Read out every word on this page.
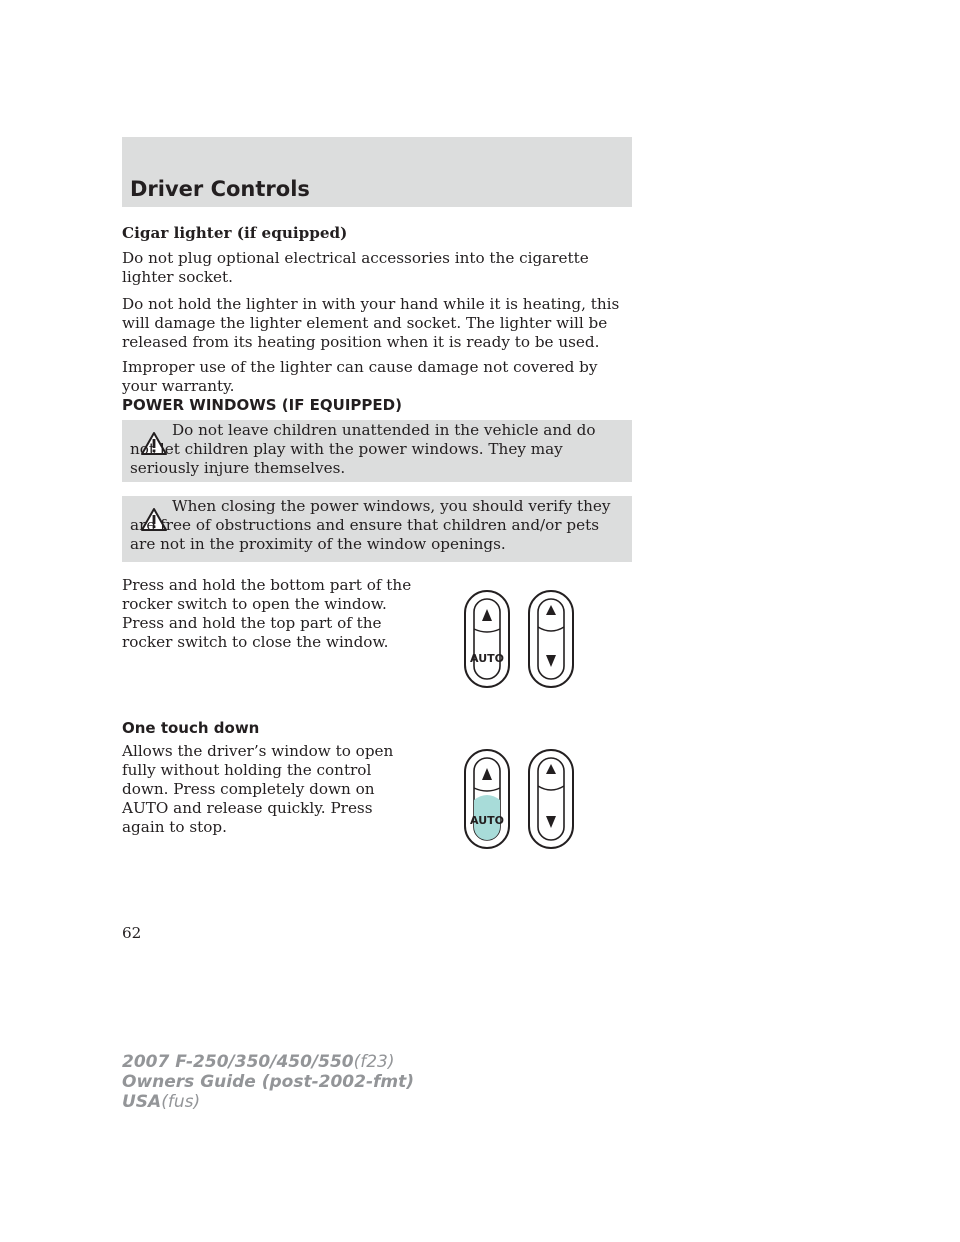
Driver Controls

Cigar lighter (if equipped)

Do not plug optional electrical accessories into the cigarette lighter socket.

Do not hold the lighter in with your hand while it is heating, this will damage the lighter element and socket. The lighter will be released from its heating position when it is ready to be used.

Improper use of the lighter can cause damage not covered by your warranty.

POWER WINDOWS (IF EQUIPPED)

Do not leave children unattended in the vehicle and do not let children play with the power windows. They may seriously injure themselves.

When closing the power windows, you should verify they are free of obstructions and ensure that children and/or pets are not in the proximity of the window openings.

Press and hold the bottom part of the rocker switch to open the window. Press and hold the top part of the rocker switch to close the window.

AUTO

One touch down

Allows the driver’s window to open fully without holding the control down. Press completely down on AUTO and release quickly. Press again to stop.	AUTO
62
2007 F-250/350/450/550(f23)
Owners Guide (post-2002-fmt)
USA(fus)
